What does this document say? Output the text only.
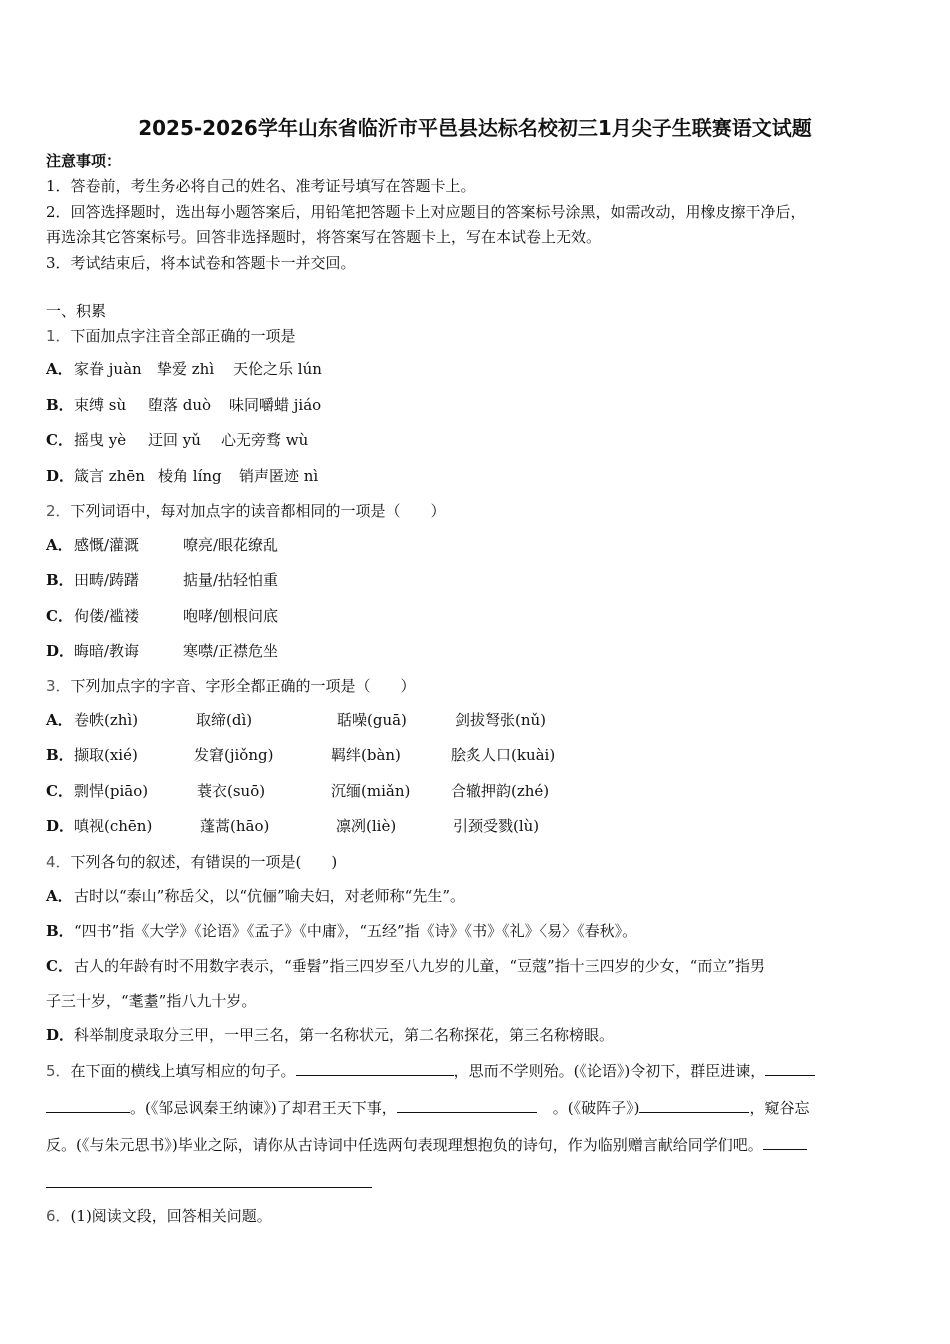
2025-2026学年山东省临沂市平邑县达标名校初三1月尖子生联赛语文试题
注意事项：
1．答卷前，考生务必将自己的姓名、准考证号填写在答题卡上。
2．回答选择题时，选出每小题答案后，用铅笔把答题卡上对应题目的答案标号涂黑，如需改动，用橡皮擦干净后，
再选涂其它答案标号。回答非选择题时，将答案写在答题卡上，写在本试卷上无效。
3．考试结束后，将本试卷和答题卡一并交回。
一、积累
1．下面加点字注音全部正确的一项是
A． 家眷 juàn 挚爱 zhì 天伦之乐 lún
B． 束缚 sù 堕落 duò 味同嚼蜡 jiáo
C． 摇曳 yè 迂回 yǔ 心无旁骛 wù
D． 箴言 zhēn 棱角 líng 销声匿迹 nì
2．下列词语中，每对加点字的读音都相同的一项是（　　）
A． 感慨/灌溉	嘹亮/眼花缭乱
B． 田畴/踌躇	掂量/拈轻怕重
C． 佝偻/褴褛	咆哮/刨根问底
D． 晦暗/教诲	寒噤/正襟危坐
3．下列加点字的字音、字形全都正确的一项是（　　）
A． 卷帙(zhì)	取缔(dì)	聒噪(guā)	剑拔弩张(nǔ)
B． 撷取(xié)	发窘(jiǒng)	羁绊(bàn)	脍炙人口(kuài)
C． 剽悍(piāo)	蓑衣(suō)	沉缅(miǎn)	合辙押韵(zhé)
D． 嗔视(chēn)	蓬蒿(hāo)	凛冽(liè)	引颈受戮(lù)
4．下列各句的叙述，有错误的一项是(　　)
A．古时以“泰山”称岳父，以“伉俪”喻夫妇，对老师称“先生”。
B．“四书”指《大学》《论语》《孟子》《中庸》，“五经”指《诗》《书》《礼》〈易〉《春秋》。
C．古人的年龄有时不用数字表示，“垂髫”指三四岁至八九岁的儿童，“豆蔻”指十三四岁的少女，“而立”指男
子三十岁，“耄耋”指八九十岁。
D．科举制度录取分三甲，一甲三名，第一名称状元，第二名称探花，第三名称榜眼。
5．在下面的横线上填写相应的句子。	，思而不学则殆。(《论语》)令初下，群臣进谏，
。(《邹忌讽秦王纳谏》)了却君王天下事，	。(《破阵子》)	，窥谷忘
反。(《与朱元思书》)毕业之际，请你从古诗词中任选两句表现理想抱负的诗句，作为临别赠言献给同学们吧。
6．(1)阅读文段，回答相关问题。
